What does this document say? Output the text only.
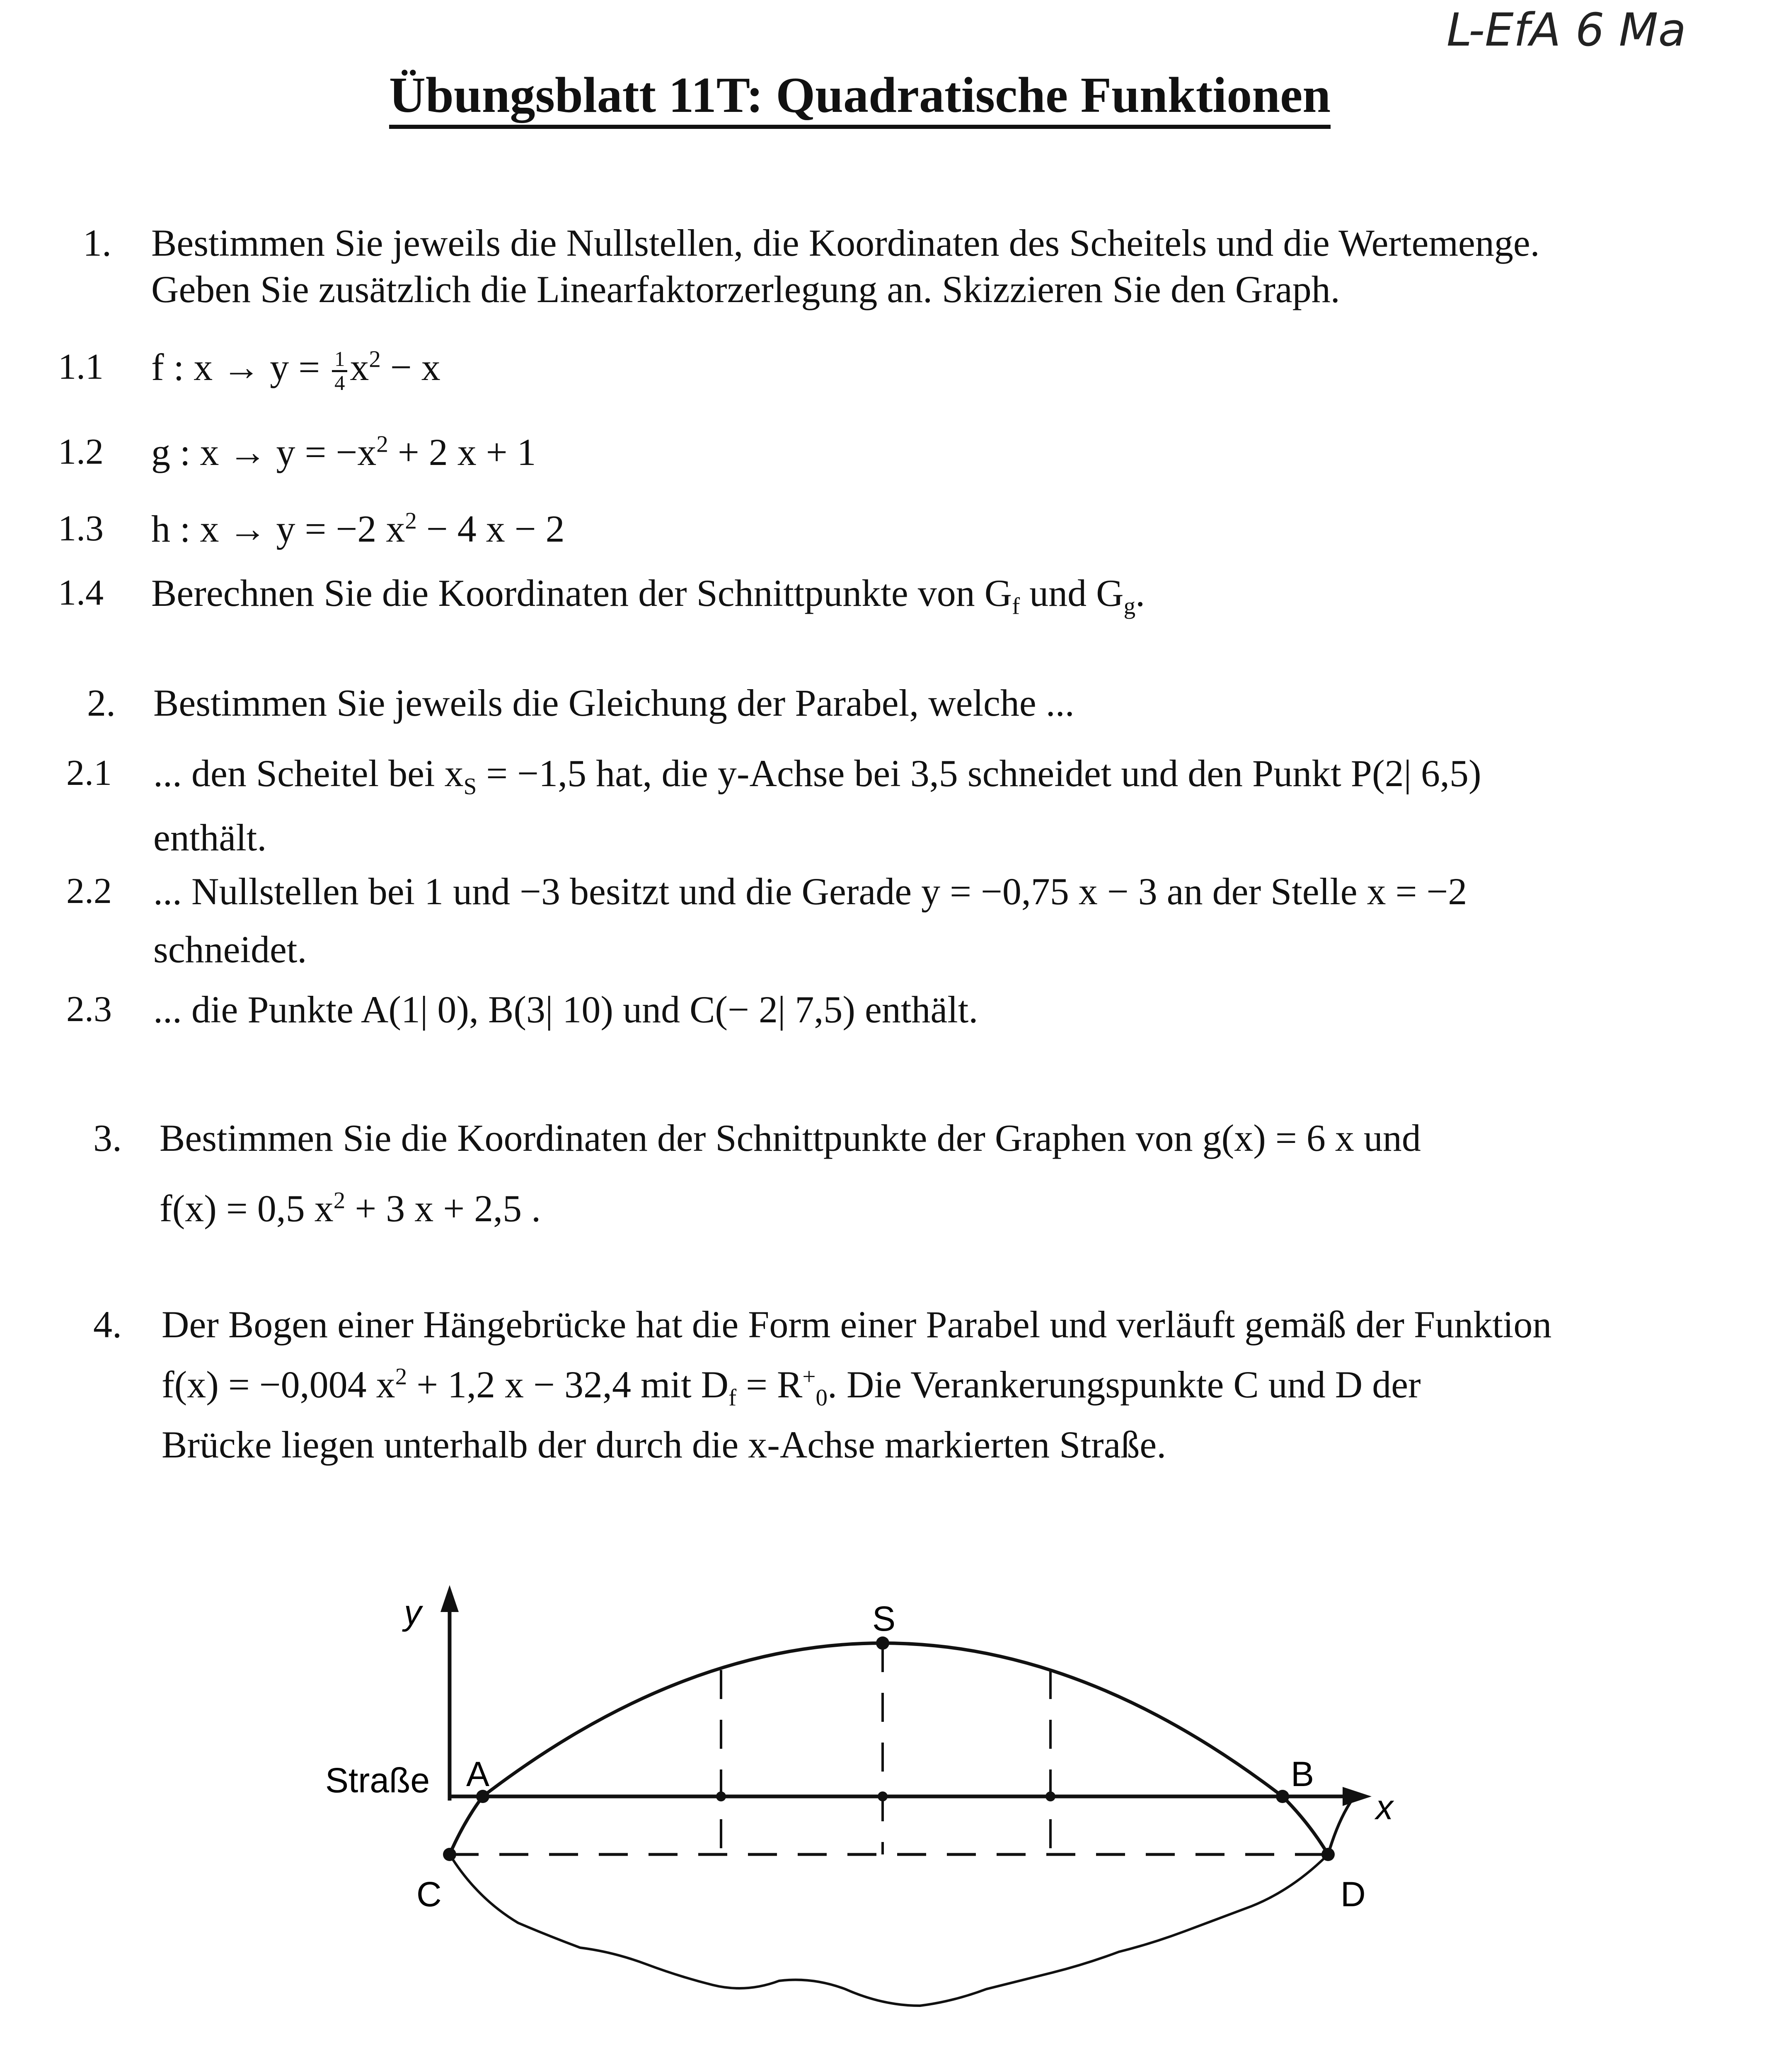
L-EfA 6 Ma
Übungsblatt 11T: Quadratische Funktionen
1. Bestimmen Sie jeweils die Nullstellen, die Koordinaten des Scheitels und die Wertemenge.
Geben Sie zusätzlich die Linearfaktorzerlegung an. Skizzieren Sie den Graph.
1.1 f : $x \to y = \frac{1}{4} x^2 - x$
1.2 g : $x \to y = -x^2 + 2$ x + 1
1.3 h : x → y = −2 $x^2 - 4$ x − 2
1.4 Berechnen Sie die Koordinaten der Schnittpunkte von $G_f$ und $G_g$.
2. Bestimmen Sie jeweils die Gleichung der Parabel, welche ...
2.1 ... den Scheitel bei $x_S = -1,5$ hat, die y-Achse bei 3,5 schneidet und den Punkt P(2| 6,5)
enthält.
2.2 ... Nullstellen bei 1 und −3 besitzt und die Gerade y = −0,75 x − 3 an der Stelle x = −2
schneidet.
2.3 ... die Punkte A(1| 0), B(3| 10) und C(− 2| 7,5) enthält.
3. Bestimmen Sie die Koordinaten der Schnittpunkte der Graphen von g(x) = 6 x und
f(x) = 0,5 $x^2 + 3$ x + 2,5 .
4. Der Bogen einer Hängebrücke hat die Form einer Parabel und verläuft gemäß der Funktion
f(x) = −0,004 $x^2 + 1,2$ x − 32,4 mit $D_f = R^+_0$. Die Verankerungspunkte C und D der
Brücke liegen unterhalb der durch die x-Achse markierten Straße.
y
x
Straße A	B
C	D
S
